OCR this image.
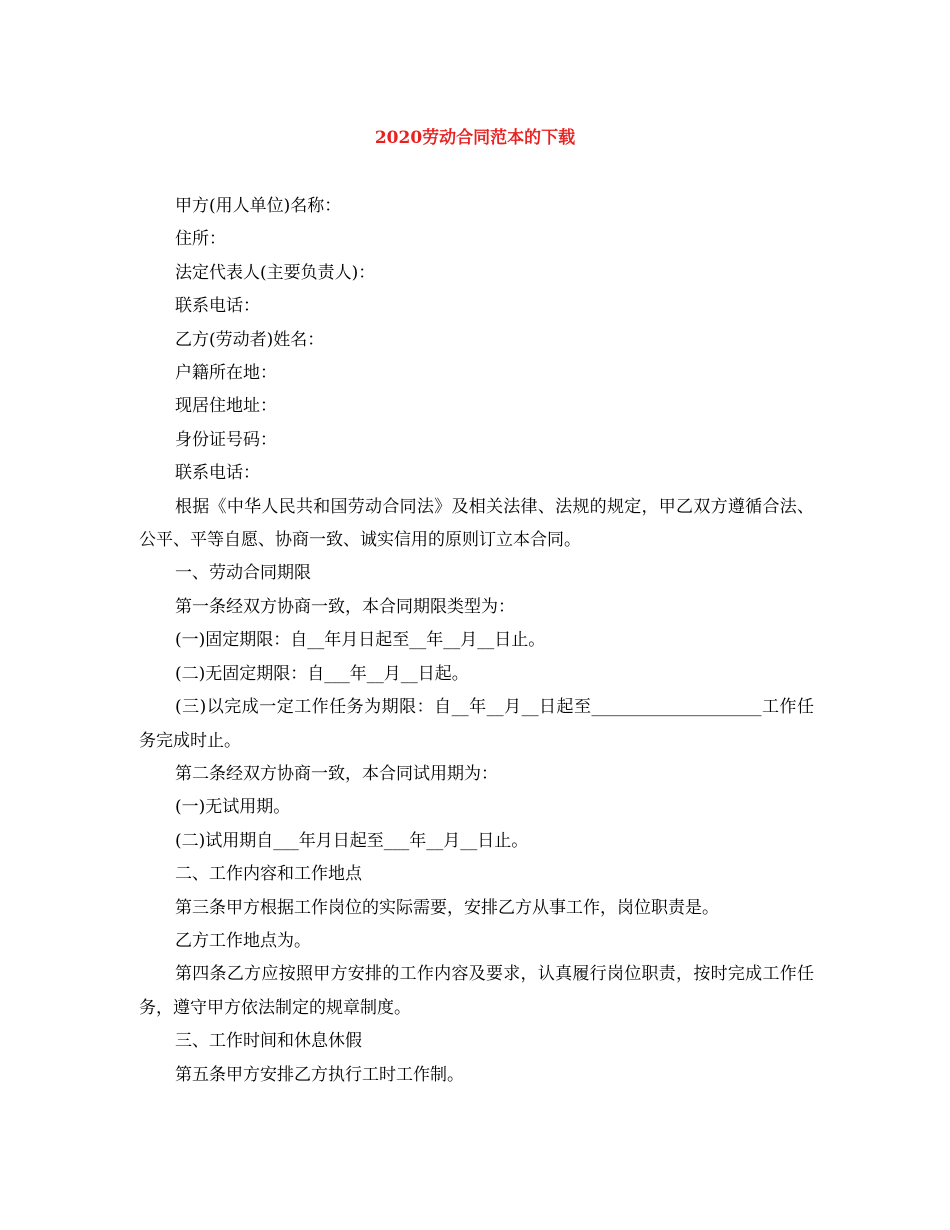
2020劳动合同范本的下载

甲方(用人单位)名称：

住所：

法定代表人(主要负责人)：

联系电话：

乙方(劳动者)姓名：

户籍所在地：

现居住地址：

身份证号码：

联系电话：

根据《中华人民共和国劳动合同法》及相关法律、法规的规定，甲乙双方遵循合法、公平、平等自愿、协商一致、诚实信用的原则订立本合同。

一、劳动合同期限

第一条经双方协商一致，本合同期限类型为：

(一)固定期限：自__年月日起至__年__月__日止。

(二)无固定期限：自___年__月__日起。

(三)以完成一定工作任务为期限：自__年__月__日起至____________________工作任务完成时止。

第二条经双方协商一致，本合同试用期为：

(一)无试用期。

(二)试用期自___年月日起至___年__月__日止。

二、工作内容和工作地点

第三条甲方根据工作岗位的实际需要，安排乙方从事工作，岗位职责是。

乙方工作地点为。

第四条乙方应按照甲方安排的工作内容及要求，认真履行岗位职责，按时完成工作任务，遵守甲方依法制定的规章制度。

三、工作时间和休息休假

第五条甲方安排乙方执行工时工作制。
